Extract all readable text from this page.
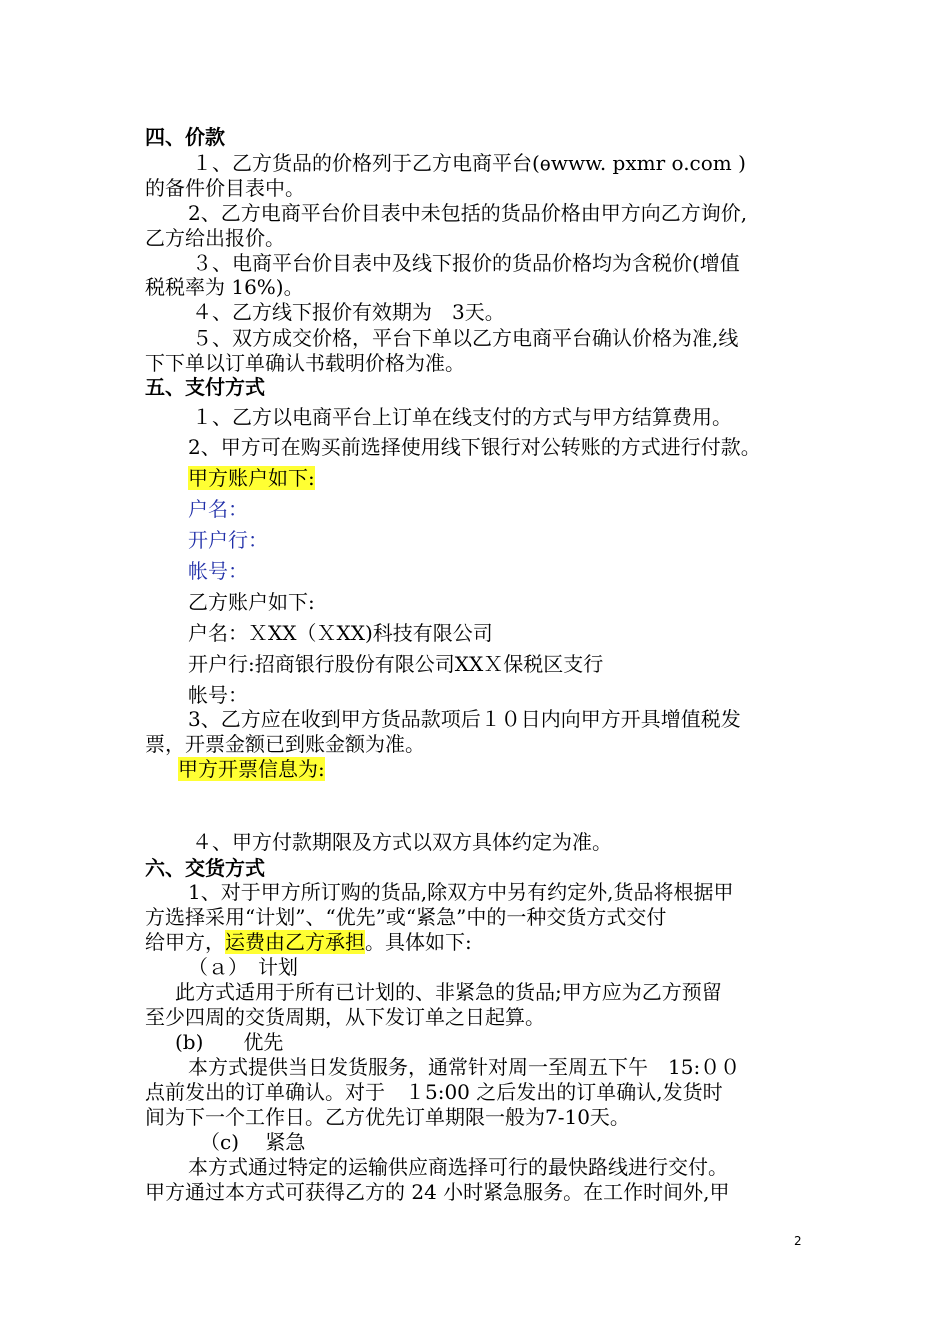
四、价款
１、乙方货品的价格列于乙方电商平台(ѳwww. pxmr o.com )
的备件价目表中。
2、乙方电商平台价目表中未包括的货品价格由甲方向乙方询价,
乙方给出报价。
３、电商平台价目表中及线下报价的货品价格均为含税价(增值
税税率为 16%)。
４、乙方线下报价有效期为　3天。
５、双方成交价格，平台下单以乙方电商平台确认价格为准,线
下下单以订单确认书载明价格为准。
五、支付方式
１、乙方以电商平台上订单在线支付的方式与甲方结算费用。
2、甲方可在购买前选择使用线下银行对公转账的方式进行付款。
甲方账户如下:
户名：
开户行：
帐号：
乙方账户如下:
户名：ＸXX（ＸXX)科技有限公司
开户行:招商银行股份有限公司XXＸ保税区支行
帐号：
3、乙方应在收到甲方货品款项后１０日内向甲方开具增值税发
票，开票金额已到账金额为准。
甲方开票信息为:
４、甲方付款期限及方式以双方具体约定为准。
六、交货方式
1、对于甲方所订购的货品,除双方中另有约定外,货品将根据甲
方选择采用“计划”、“优先”或“紧急”中的一种交货方式交付
给甲方，运费由乙方承担。具体如下:
（ａ）　计划
此方式适用于所有已计划的、非紧急的货品;甲方应为乙方预留
至少四周的交货周期，从下发订单之日起算。
(b)　　优先
本方式提供当日发货服务，通常针对周一至周五下午　15:００
点前发出的订单确认。对于　１5:00 之后发出的订单确认,发货时
间为下一个工作日。乙方优先订单期限一般为7-10天。
（c)　 紧急
本方式通过特定的运输供应商选择可行的最快路线进行交付。
甲方通过本方式可获得乙方的 24 小时紧急服务。在工作时间外,甲
2
